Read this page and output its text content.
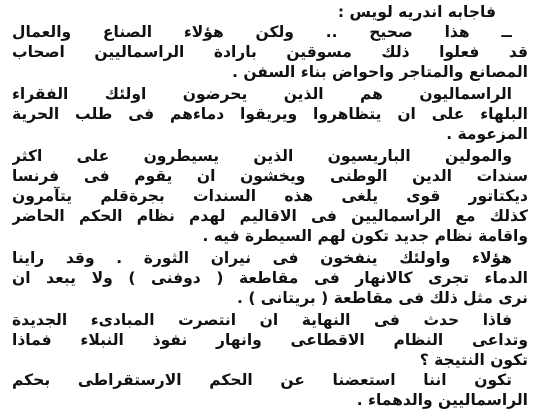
فاجابه اندريه لويس :
ــ هذا صحيح .. ولكن هؤلاء الصناع والعمال
قد فعلوا ذلك مسوقين بارادة الراسماليين اصحاب
المصانع والمتاجر واحواض بناء السفن .
الراسماليون هم الذين يحرضون اولئك الفقراء
البلهاء على ان يتظاهروا ويريقوا دماءهم فى طلب الحرية
المزعومة .
والمولين الباريسيون الذين يسيطرون على اكثر
سندات الدين الوطنى ويخشون ان يقوم فى فرنسا
ديكتاتور قوى يلغى هذه السندات بجرةقلم يتآمرون
كذلك مع الراسماليين فى الاقاليم لهدم نظام الحكم الحاضر
واقامة نظام جديد تكون لهم السيطرة فيه .
هؤلاء واولئك ينفخون فى نيران الثورة . وقد راينا
الدماء تجرى كالانهار فى مقاطعة ( دوفنى ) ولا يبعد ان
نرى مثل ذلك فى مقاطعة ( بريتانى ) .
فاذا حدث فى النهاية ان انتصرت المبادىء الجديدة
وتداعى النظام الاقطاعى وانهار نفوذ النبلاء فماذا
تكون النتيجة ؟
تكون اننا استعضنا عن الحكم الارستقراطى بحكم
الراسماليين والدهماء .
